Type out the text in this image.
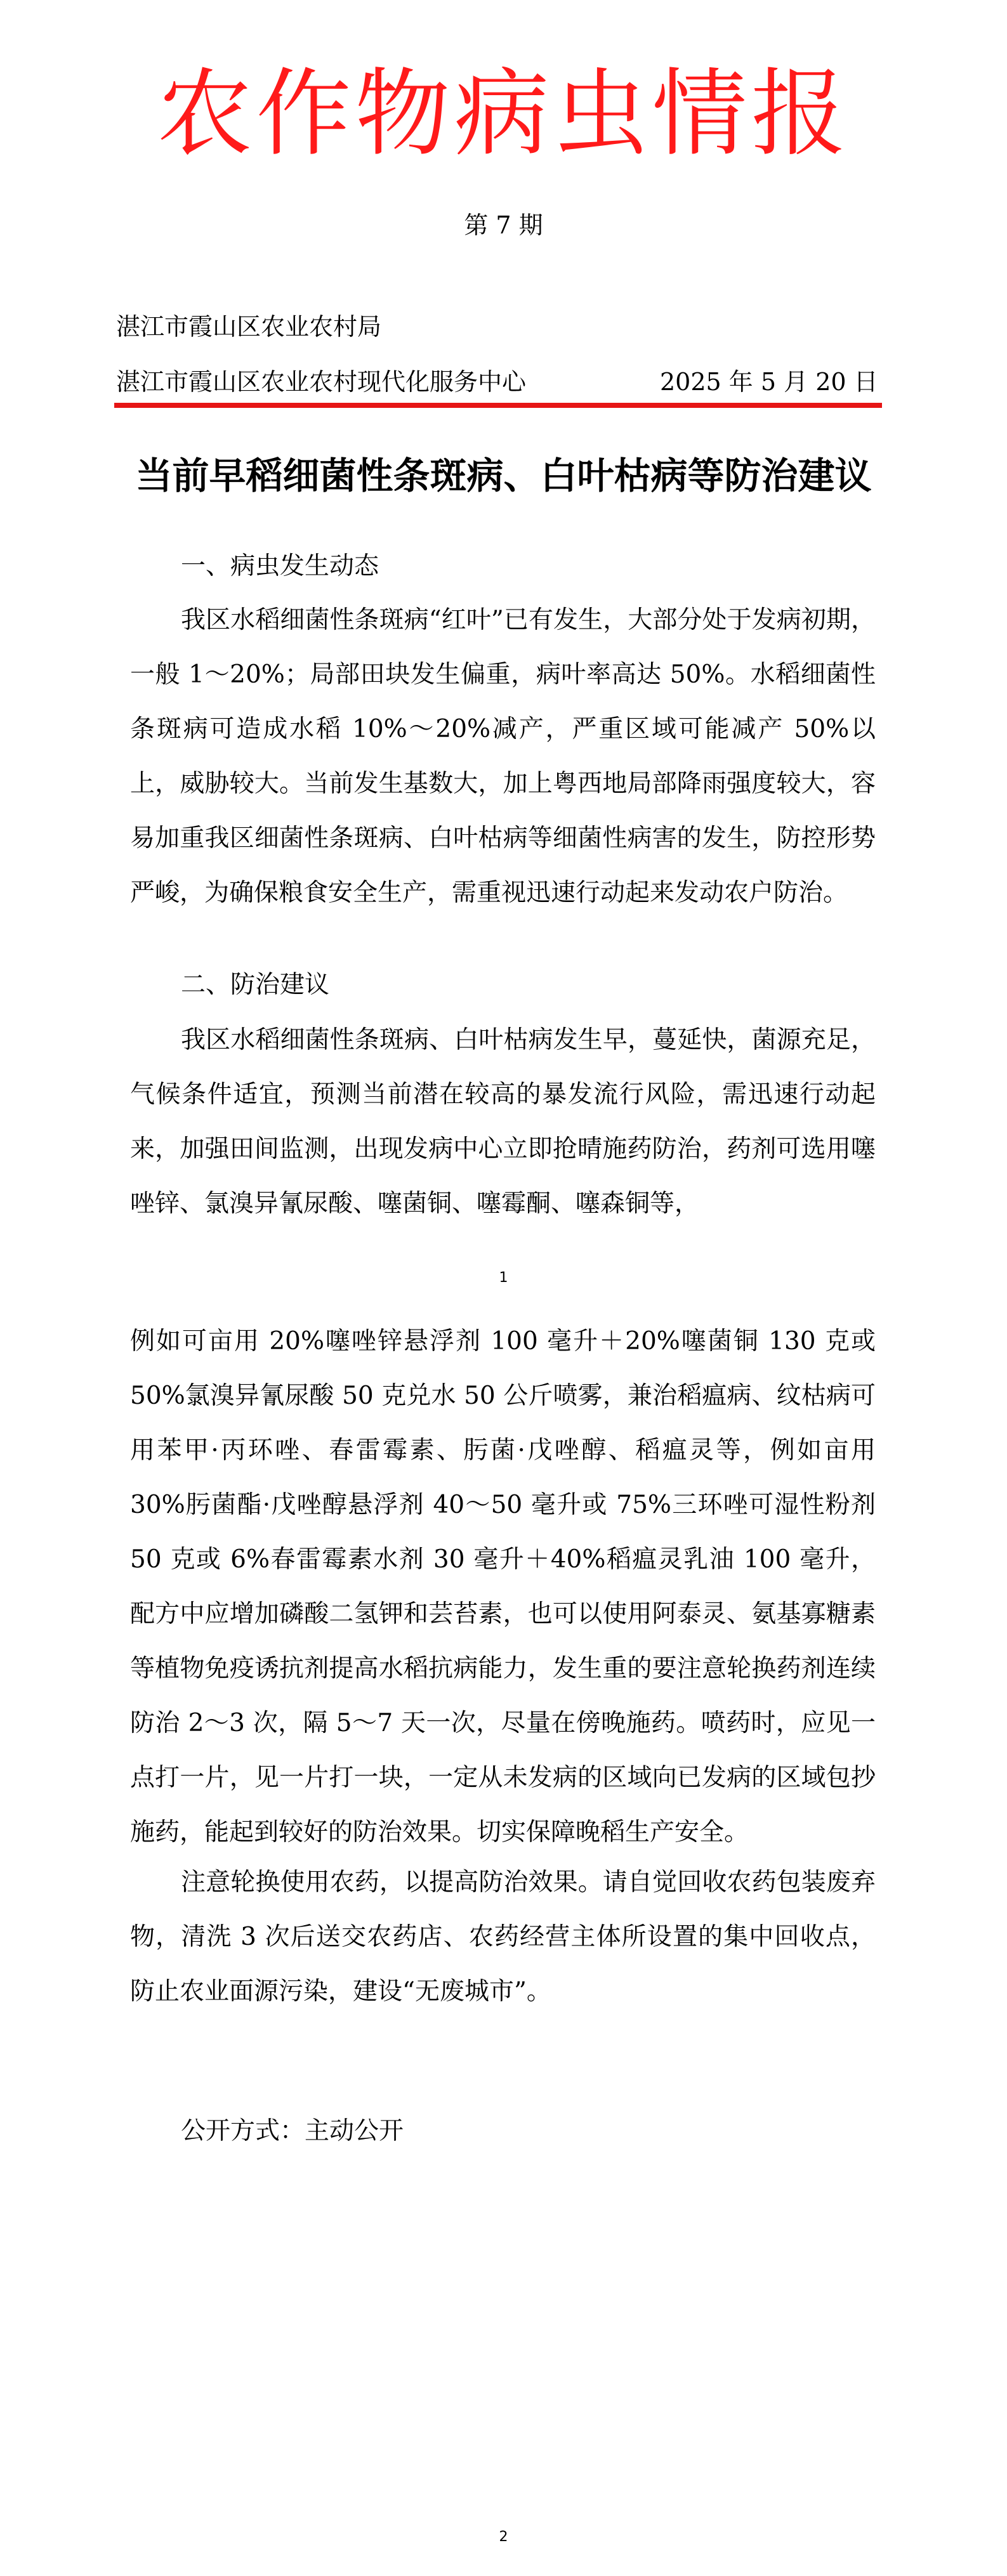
农作物病虫情报
第 7 期
湛江市霞山区农业农村局
湛江市霞山区农业农村现代化服务中心	2025 年 5 月 20 日
当前早稻细菌性条斑病、白叶枯病等防治建议
一、病虫发生动态
我区水稻细菌性条斑病“红叶”已有发生，大部分处于发病初期，一般 1～20%；局部田块发生偏重，病叶率高达 50%。水稻细菌性条斑病可造成水稻 10%～20%减产，严重区域可能减产 50%以上，威胁较大。当前发生基数大，加上粤西地局部降雨强度较大，容易加重我区细菌性条斑病、白叶枯病等细菌性病害的发生，防控形势严峻，为确保粮食安全生产，需重视迅速行动起来发动农户防治。
二、防治建议
我区水稻细菌性条斑病、白叶枯病发生早，蔓延快，菌源充足，气候条件适宜，预测当前潜在较高的暴发流行风险，需迅速行动起来，加强田间监测，出现发病中心立即抢晴施药防治，药剂可选用噻唑锌、氯溴异氰尿酸、噻菌铜、噻霉酮、噻森铜等，
1
例如可亩用 20%噻唑锌悬浮剂 100 毫升＋20%噻菌铜 130 克或 50%氯溴异氰尿酸 50 克兑水 50 公斤喷雾，兼治稻瘟病、纹枯病可用苯甲·丙环唑、春雷霉素、肟菌·戊唑醇、稻瘟灵等，例如亩用 30%肟菌酯·戊唑醇悬浮剂 40～50 毫升或 75%三环唑可湿性粉剂 50 克或 6%春雷霉素水剂 30 毫升＋40%稻瘟灵乳油 100 毫升，配方中应增加磷酸二氢钾和芸苔素，也可以使用阿泰灵、氨基寡糖素等植物免疫诱抗剂提高水稻抗病能力，发生重的要注意轮换药剂连续防治 2～3 次，隔 5～7 天一次，尽量在傍晚施药。喷药时，应见一点打一片，见一片打一块，一定从未发病的区域向已发病的区域包抄施药，能起到较好的防治效果。切实保障晚稻生产安全。
注意轮换使用农药，以提高防治效果。请自觉回收农药包装废弃物，清洗 3 次后送交农药店、农药经营主体所设置的集中回收点，防止农业面源污染，建设“无废城市”。
公开方式：主动公开
2
